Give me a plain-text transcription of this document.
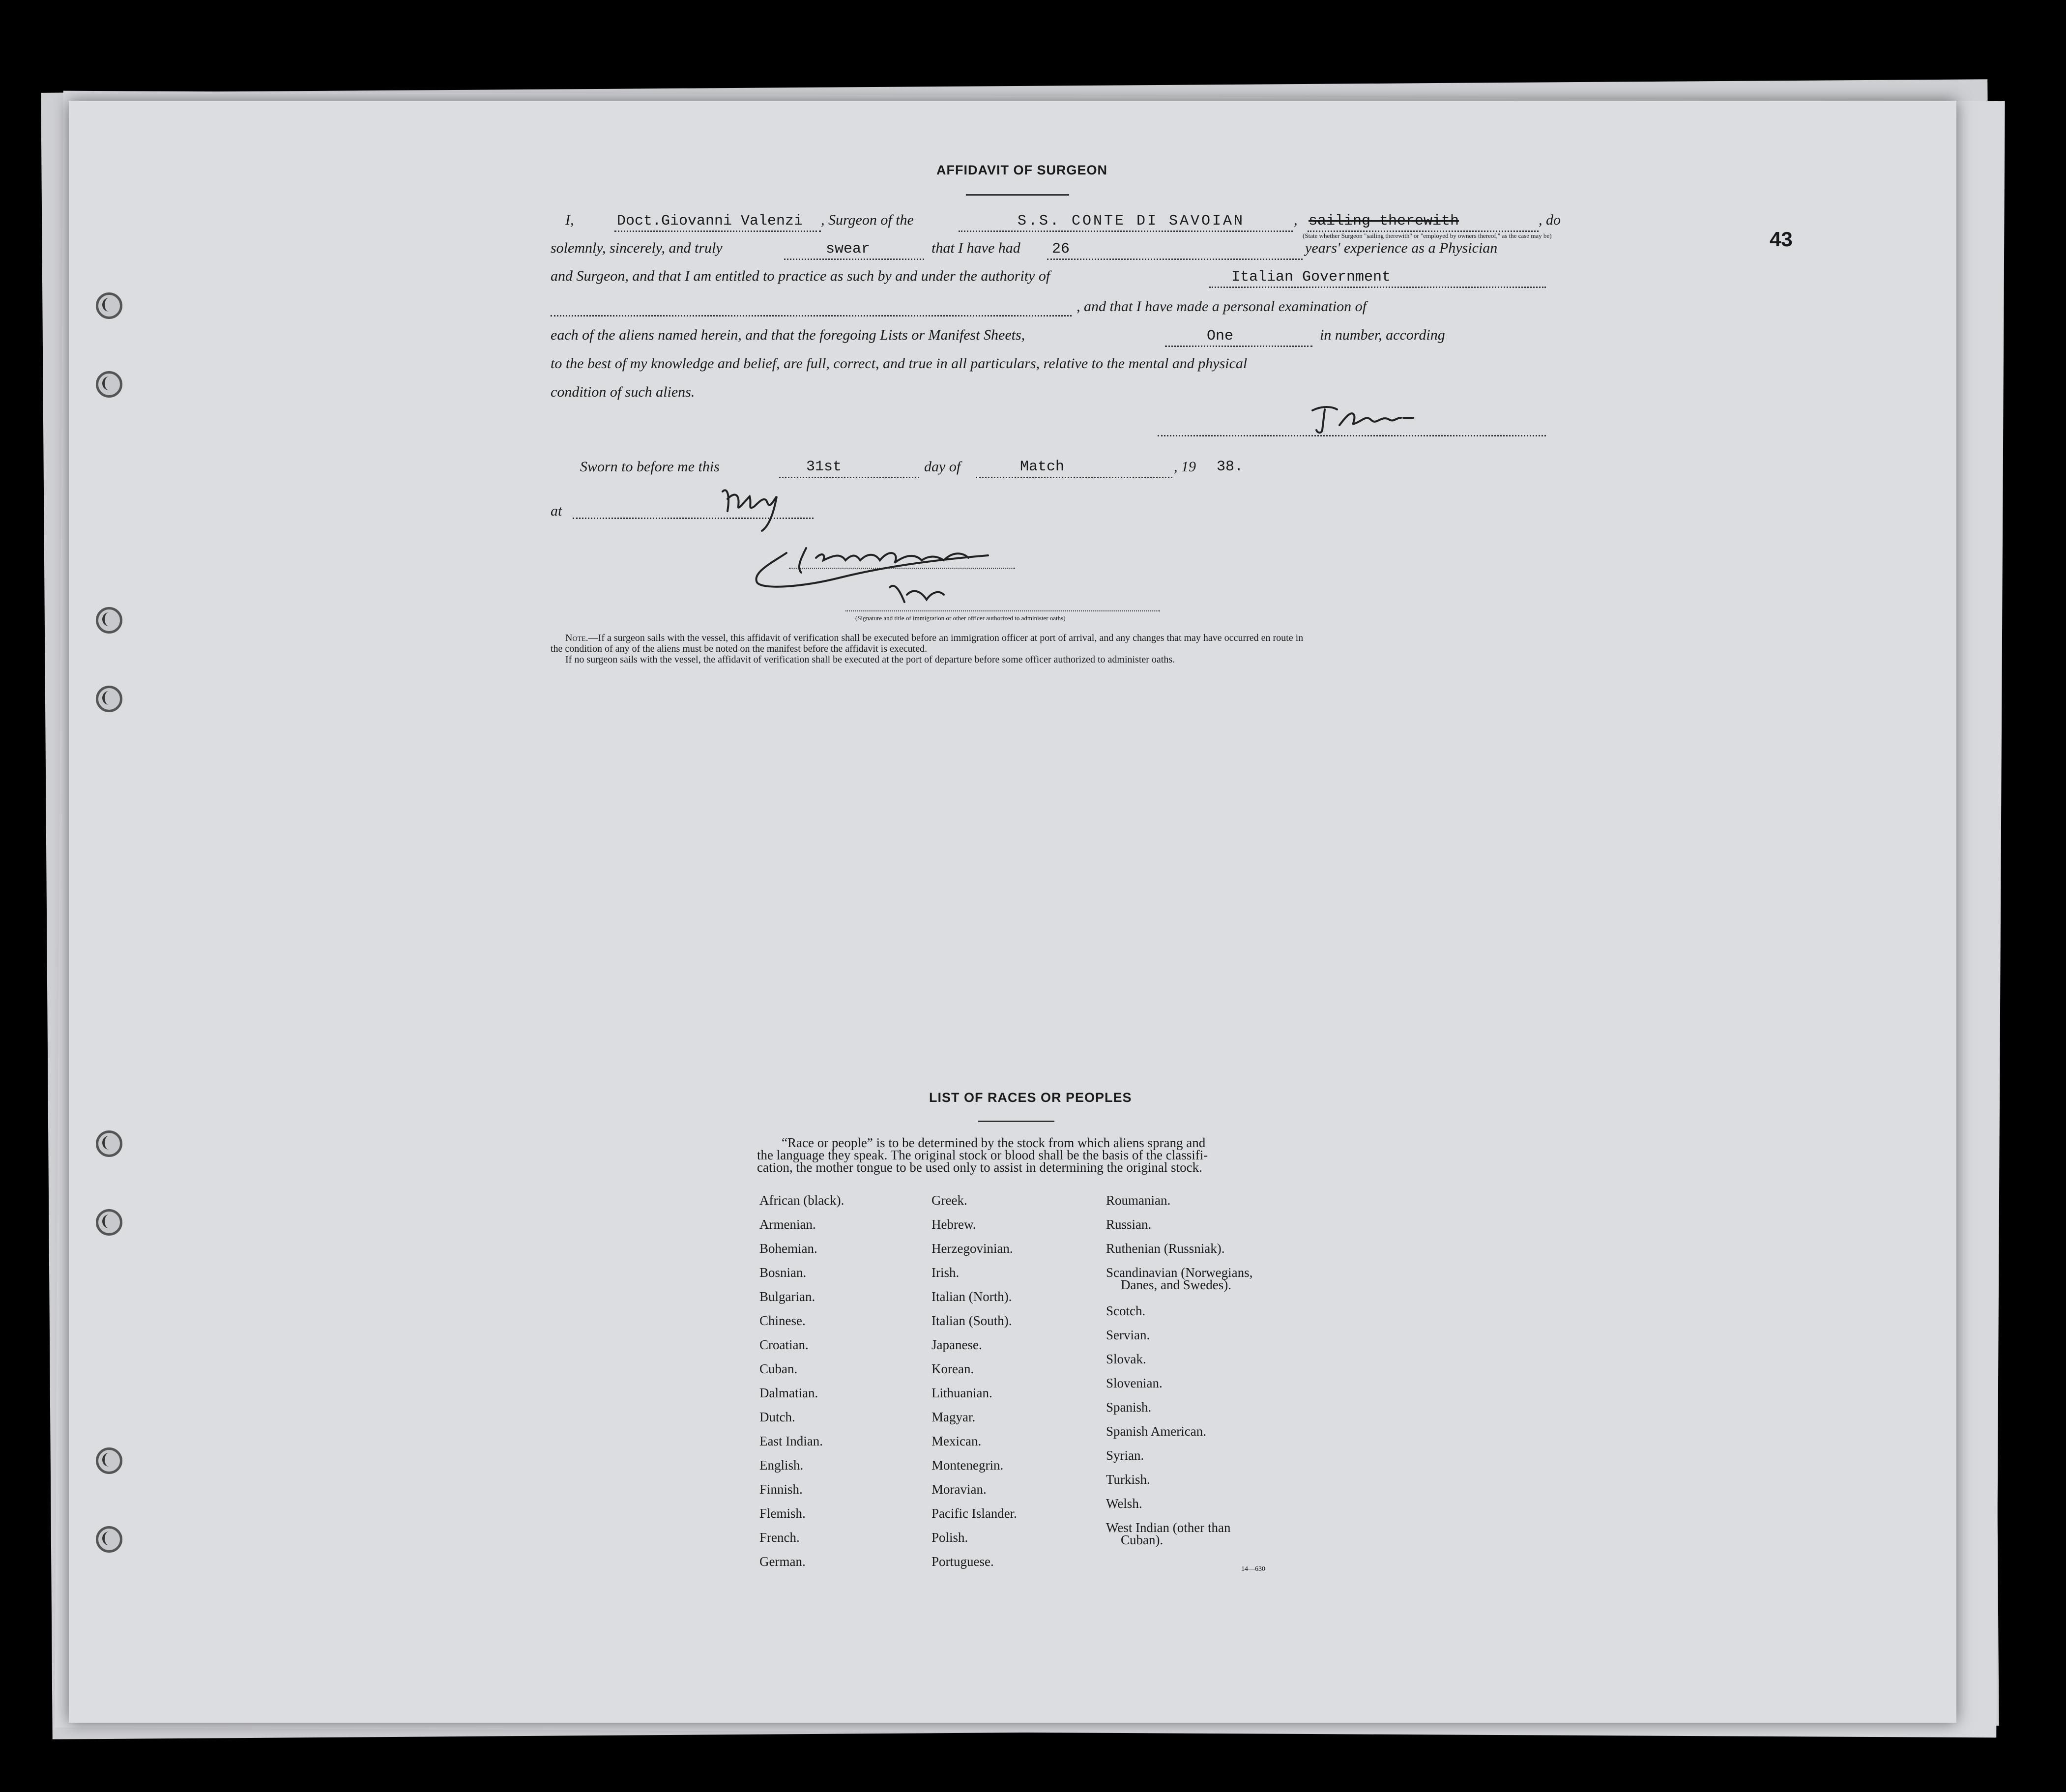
43
AFFIDAVIT OF SURGEON
I,	Doct.Giovanni Valenzi , Surgeon of the	S.S. CONTE DI SAVOIAN	, sailing therewith	, do
(State whether Surgeon "sailing therewith" or "employed by owners thereof," as the case may be)
solemnly, sincerely, and truly	swear	that I have had 26	years' experience as a Physician
and Surgeon, and that I am entitled to practice as such by and under the authority of	Italian Government
, and that I have made a personal examination of
each of the aliens named herein, and that the foregoing Lists or Manifest Sheets,	One	in number, according
to the best of my knowledge and belief, are full, correct, and true in all particulars, relative to the mental and physical
condition of such aliens.
Sworn to before me this	31st	day of	Match	, 19 38.
at
(Signature and title of immigration or other officer authorized to administer oaths)
Note.—If a surgeon sails with the vessel, this affidavit of verification shall be executed before an immigration officer at port of arrival, and any changes that may have occurred en route in
the condition of any of the aliens must be noted on the manifest before the affidavit is executed.
If no surgeon sails with the vessel, the affidavit of verification shall be executed at the port of departure before some officer authorized to administer oaths.
LIST OF RACES OR PEOPLES
“Race or people” is to be determined by the stock from which aliens sprang and
the language they speak. The original stock or blood shall be the basis of the classifi-
cation, the mother tongue to be used only to assist in determining the original stock.
African (black).
Armenian.
Bohemian.
Bosnian.
Bulgarian.
Chinese.
Croatian.
Cuban.
Dalmatian.
Dutch.
East Indian.
English.
Finnish.
Flemish.
French.
German.
Greek.
Hebrew.
Herzegovinian.
Irish.
Italian (North).
Italian (South).
Japanese.
Korean.
Lithuanian.
Magyar.
Mexican.
Montenegrin.
Moravian.
Pacific Islander.
Polish.
Portuguese.
Roumanian.
Russian.
Ruthenian (Russniak).
Scandinavian (Norwegians,
Danes, and Swedes).
Scotch.
Servian.
Slovak.
Slovenian.
Spanish.
Spanish American.
Syrian.
Turkish.
Welsh.
West Indian (other than
Cuban).
14—630
